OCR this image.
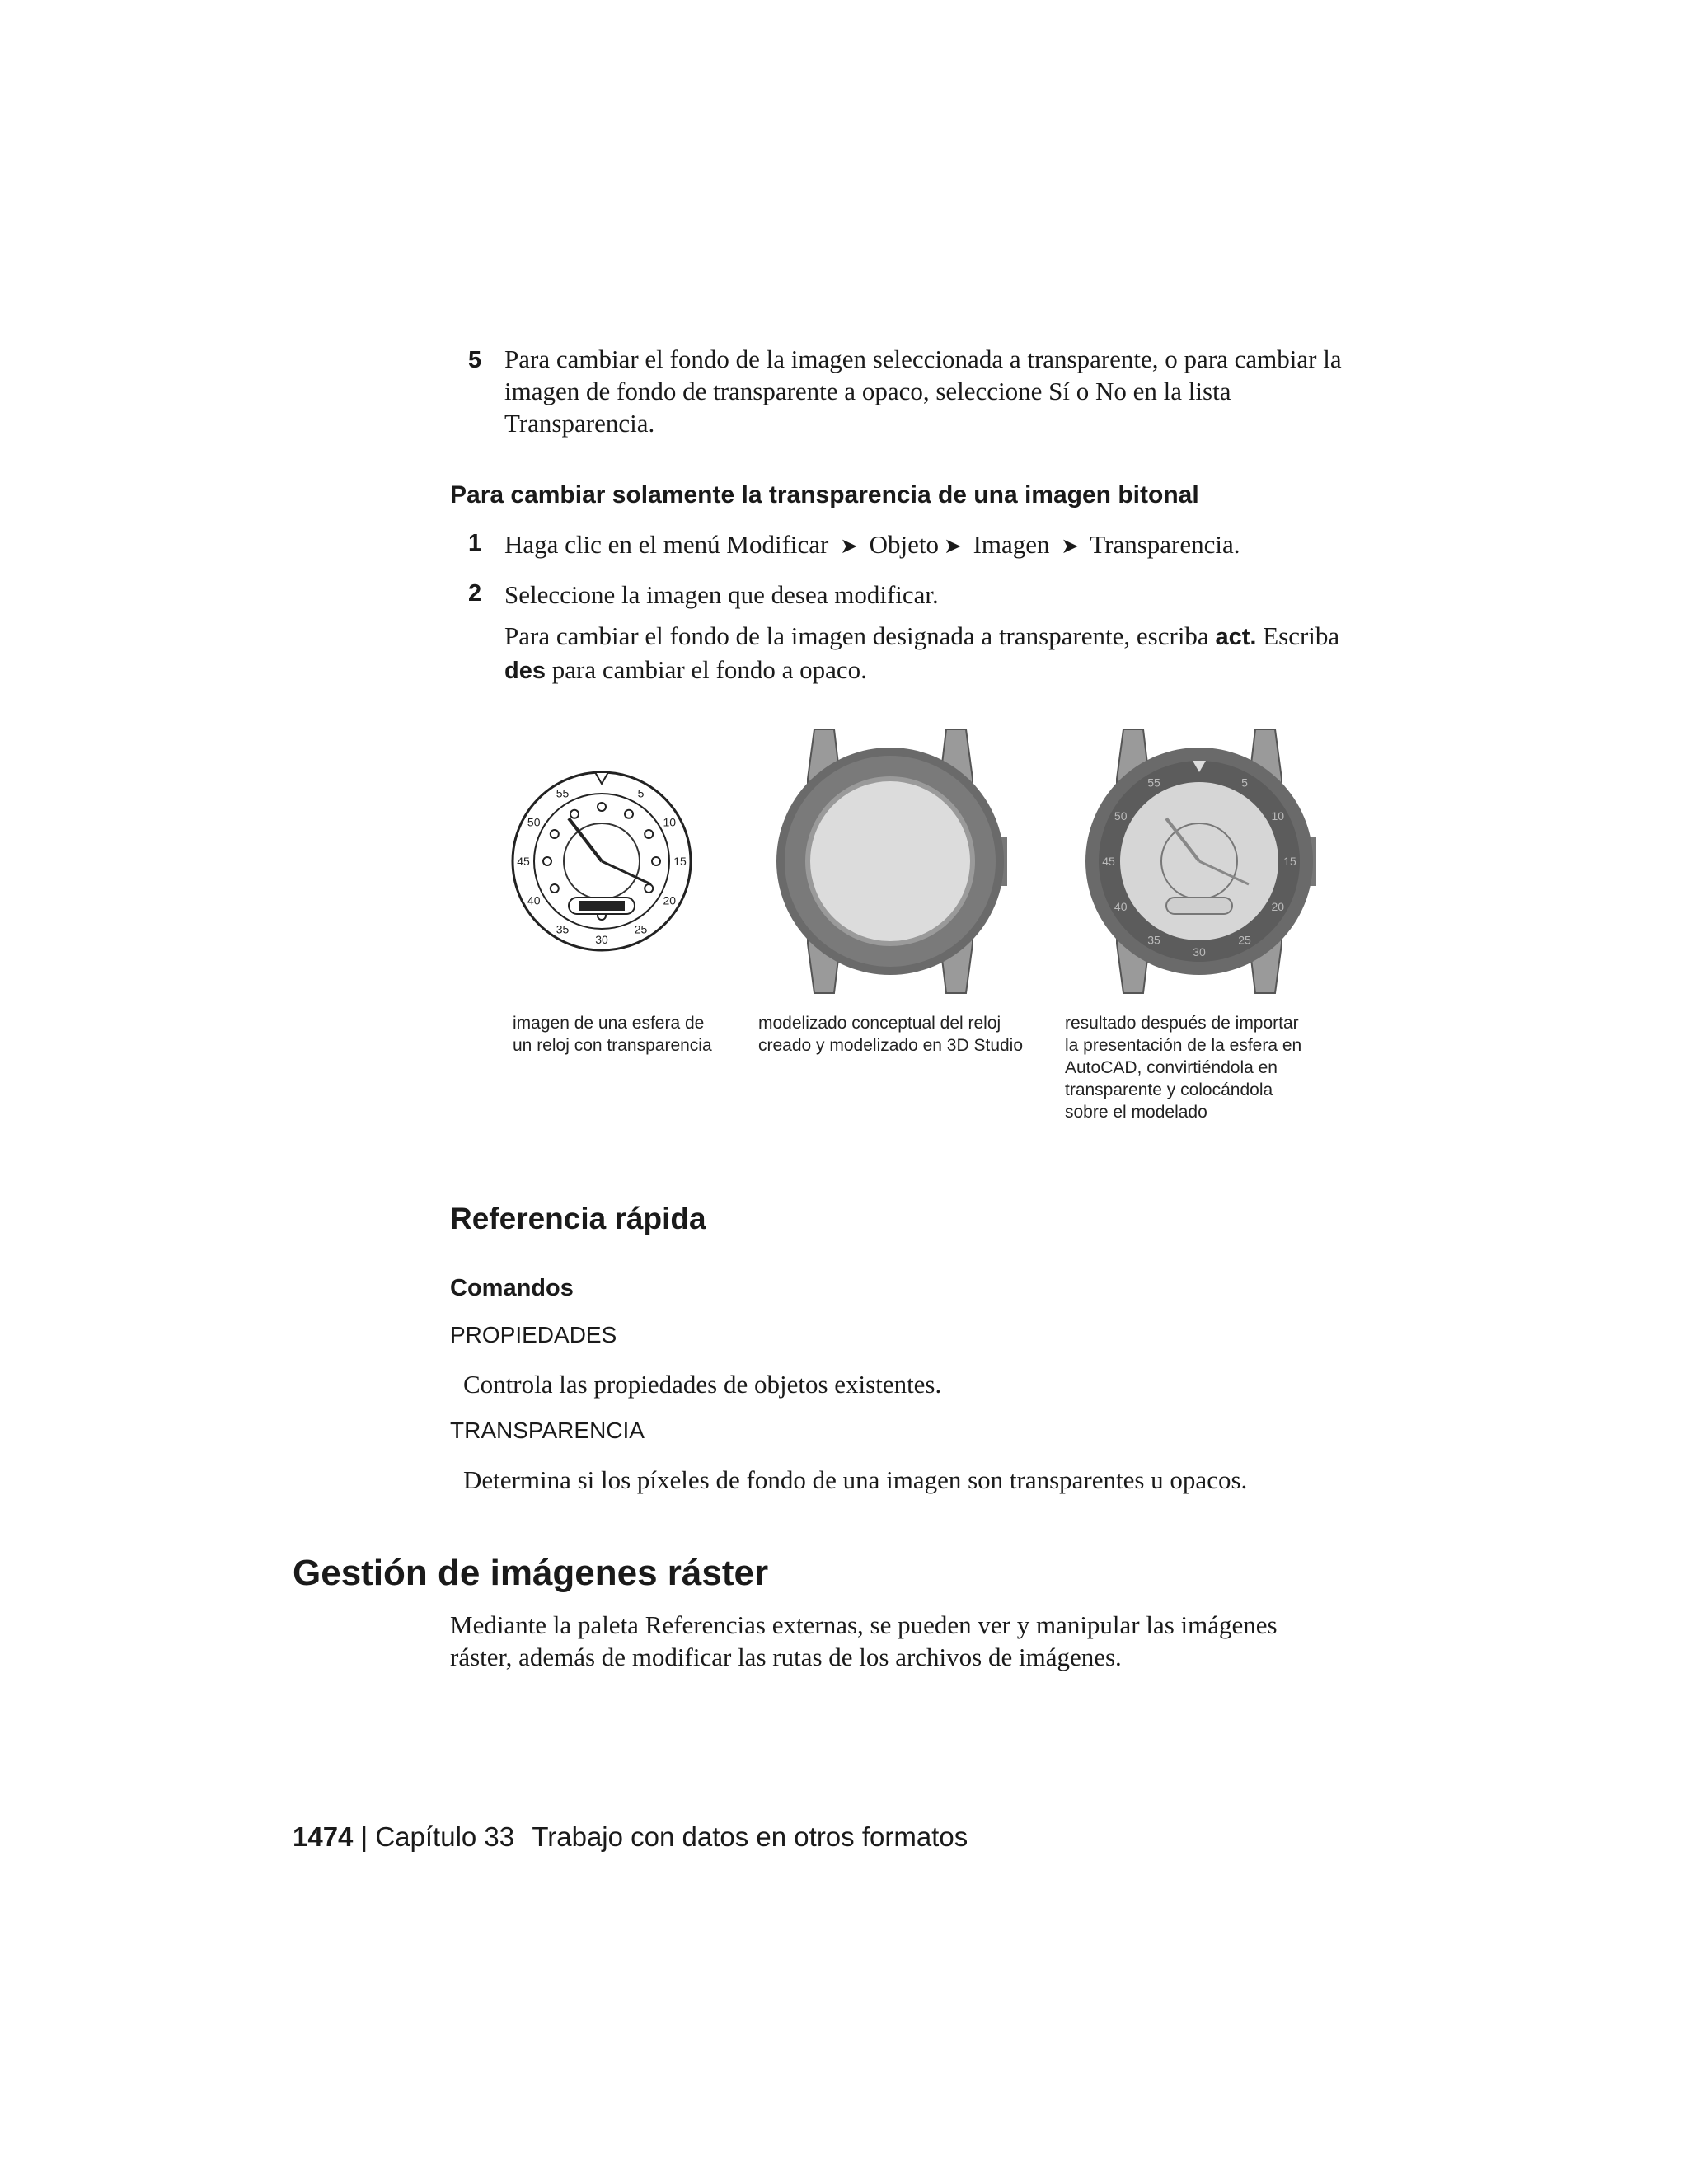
5 Para cambiar el fondo de la imagen seleccionada a transparente, o para cambiar la imagen de fondo de transparente a opaco, seleccione Sí o No en la lista Transparencia.
Para cambiar solamente la transparencia de una imagen bitonal
1 Haga clic en el menú Modificar ➤ Objeto ➤ Imagen ➤ Transparencia.
2 Seleccione la imagen que desea modificar.
Para cambiar el fondo de la imagen designada a transparente, escriba act. Escriba des para cambiar el fondo a opaco.
5
10
15
20
25
30
35
40
45
50
55
5
10
15
20
25
30
35
40
45
50
55
imagen de una esfera de
un reloj con transparencia
modelizado conceptual del reloj
creado y modelizado en 3D Studio
resultado después de importar
la presentación de la esfera en
AutoCAD, convirtiéndola en
transparente y colocándola
sobre el modelado
Referencia rápida
Comandos
PROPIEDADES
Controla las propiedades de objetos existentes.
TRANSPARENCIA
Determina si los píxeles de fondo de una imagen son transparentes u opacos.
Gestión de imágenes ráster
Mediante la paleta Referencias externas, se pueden ver y manipular las imágenes ráster, además de modificar las rutas de los archivos de imágenes.
1474 | Capítulo 33 Trabajo con datos en otros formatos
